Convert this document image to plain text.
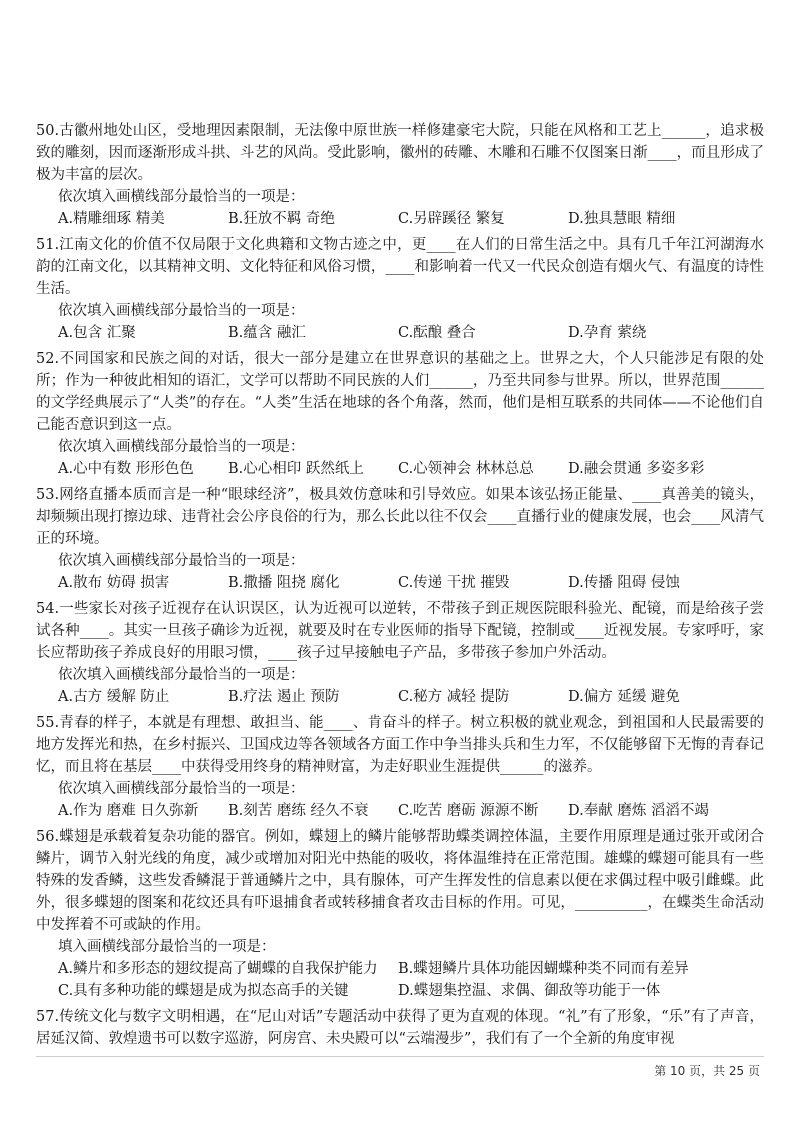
50.古徽州地处山区，受地理因素限制，无法像中原世族一样修建豪宅大院，只能在风格和工艺上______，追求极致的雕刻，因而逐渐形成斗拱、斗艺的风尚。受此影响，徽州的砖雕、木雕和石雕不仅图案日渐____，而且形成了极为丰富的层次。
依次填入画横线部分最恰当的一项是：
A.精雕细琢 精美	B.狂放不羁 奇绝	C.另辟蹊径 繁复	D.独具慧眼 精细
51.江南文化的价值不仅局限于文化典籍和文物古迹之中，更____在人们的日常生活之中。具有几千年江河湖海水韵的江南文化，以其精神文明、文化特征和风俗习惯，____和影响着一代又一代民众创造有烟火气、有温度的诗性生活。
依次填入画横线部分最恰当的一项是：
A.包含 汇聚	B.蕴含 融汇	C.酝酿 叠合	D.孕育 萦绕
52.不同国家和民族之间的对话，很大一部分是建立在世界意识的基础之上。世界之大，个人只能涉足有限的处所；作为一种彼此相知的语汇，文学可以帮助不同民族的人们______，乃至共同参与世界。所以，世界范围______的文学经典展示了“人类”的存在。“人类”生活在地球的各个角落，然而，他们是相互联系的共同体——不论他们自己能否意识到这一点。
依次填入画横线部分最恰当的一项是：
A.心中有数 形形色色	B.心心相印 跃然纸上	C.心领神会 林林总总	D.融会贯通 多姿多彩
53.网络直播本质而言是一种“眼球经济”，极具效仿意味和引导效应。如果本该弘扬正能量、____真善美的镜头，却频频出现打擦边球、违背社会公序良俗的行为，那么长此以往不仅会____直播行业的健康发展，也会____风清气正的环境。
依次填入画横线部分最恰当的一项是：
A.散布 妨碍 损害	B.撒播 阻挠 腐化	C.传递 干扰 摧毁	D.传播 阻碍 侵蚀
54.一些家长对孩子近视存在认识误区，认为近视可以逆转，不带孩子到正规医院眼科验光、配镜，而是给孩子尝试各种____。其实一旦孩子确诊为近视，就要及时在专业医师的指导下配镜，控制或____近视发展。专家呼吁，家长应帮助孩子养成良好的用眼习惯，____孩子过早接触电子产品，多带孩子参加户外活动。
依次填入画横线部分最恰当的一项是：
A.古方 缓解 防止	B.疗法 遏止 预防	C.秘方 减轻 提防	D.偏方 延缓 避免
55.青春的样子，本就是有理想、敢担当、能____、肯奋斗的样子。树立积极的就业观念，到祖国和人民最需要的地方发挥光和热，在乡村振兴、卫国戍边等各领域各方面工作中争当排头兵和生力军，不仅能够留下无悔的青春记忆，而且将在基层____中获得受用终身的精神财富，为走好职业生涯提供______的滋养。
依次填入画横线部分最恰当的一项是：
A.作为 磨难 日久弥新	B.刻苦 磨练 经久不衰	C.吃苦 磨砺 源源不断	D.奉献 磨炼 滔滔不竭
56.蝶翅是承载着复杂功能的器官。例如，蝶翅上的鳞片能够帮助蝶类调控体温，主要作用原理是通过张开或闭合鳞片，调节入射光线的角度，减少或增加对阳光中热能的吸收，将体温维持在正常范围。雄蝶的蝶翅可能具有一些特殊的发香鳞，这些发香鳞混于普通鳞片之中，具有腺体，可产生挥发性的信息素以便在求偶过程中吸引雌蝶。此外，很多蝶翅的图案和花纹还具有吓退捕食者或转移捕食者攻击目标的作用。可见，__________，在蝶类生命活动中发挥着不可或缺的作用。
填入画横线部分最恰当的一项是：
A.鳞片和多形态的翅纹提高了蝴蝶的自我保护能力	B.蝶翅鳞片具体功能因蝴蝶种类不同而有差异
C.具有多种功能的蝶翅是成为拟态高手的关键	D.蝶翅集控温、求偶、御敌等功能于一体
57.传统文化与数字文明相遇，在“尼山对话”专题活动中获得了更为直观的体现。“礼”有了形象，“乐”有了声音，居延汉简、敦煌遗书可以数字巡游，阿房宫、未央殿可以“云端漫步”，我们有了一个全新的角度审视
第 10 页，共 25 页
